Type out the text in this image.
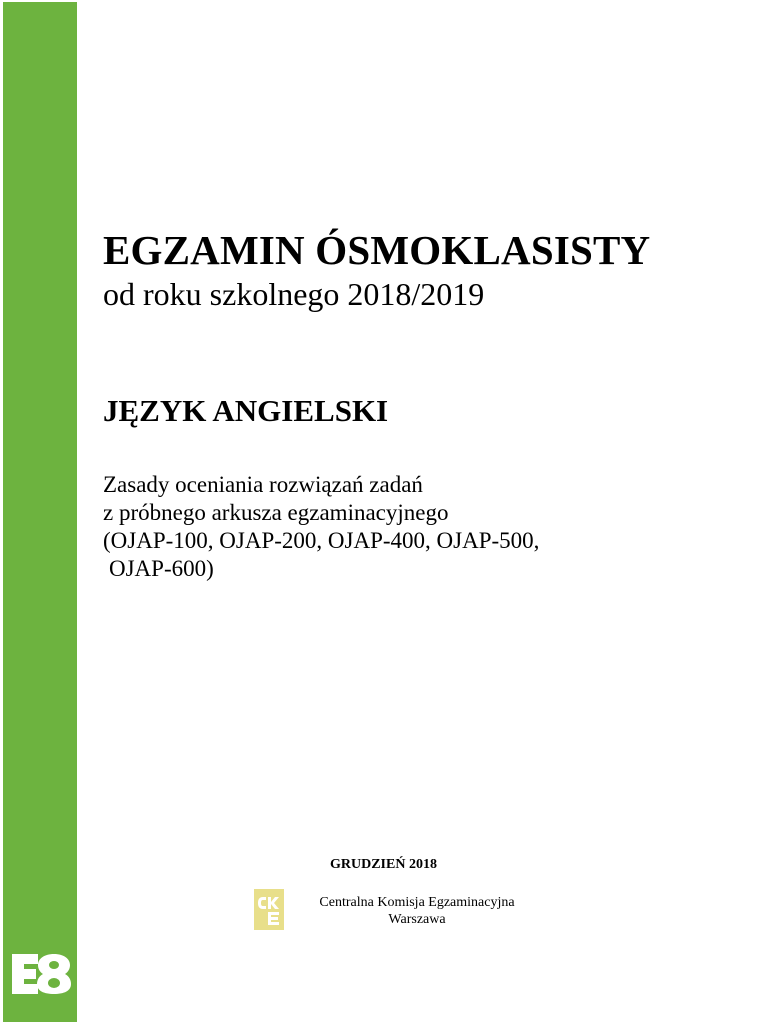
EGZAMIN ÓSMOKLASISTY
od roku szkolnego 2018/2019
JĘZYK ANGIELSKI
Zasady oceniania rozwiązań zadań
z próbnego arkusza egzaminacyjnego
(OJAP-100, OJAP-200, OJAP-400, OJAP-500,
OJAP-600)
GRUDZIEŃ 2018
Centralna Komisja Egzaminacyjna
Warszawa
